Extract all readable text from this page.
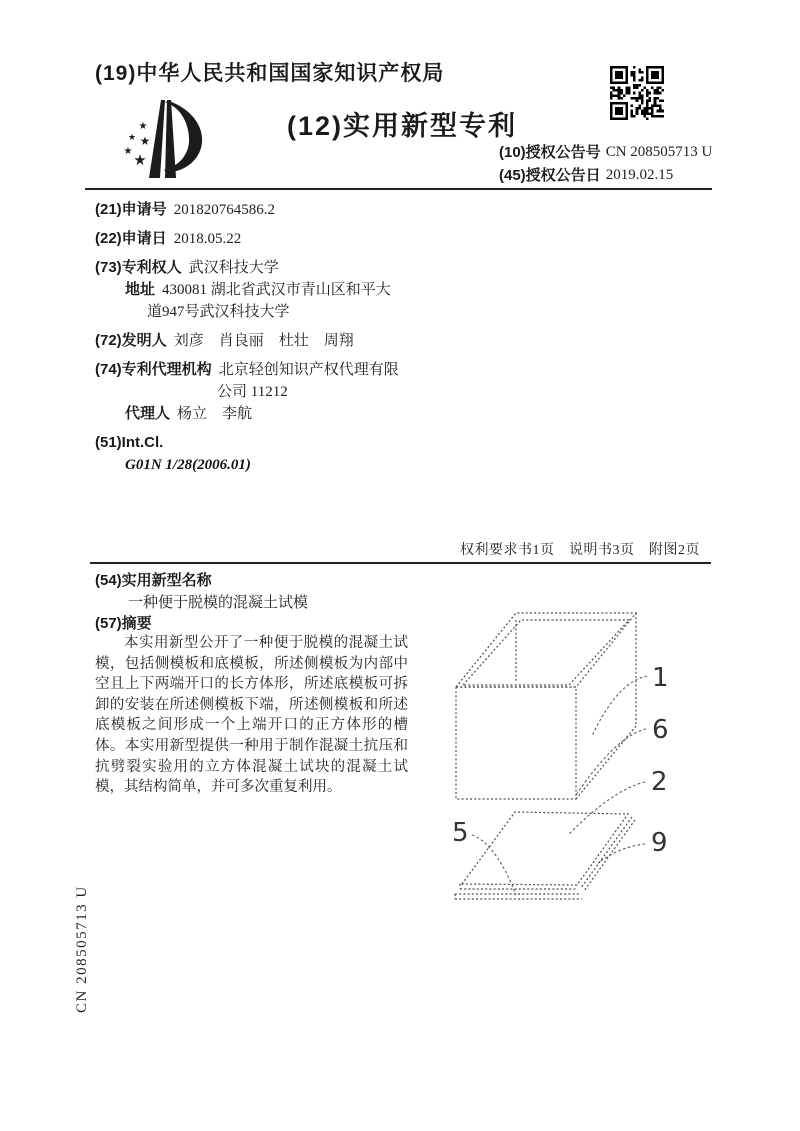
(19)中华人民共和国国家知识产权局
★
★ ★
★
★
(12)实用新型专利
(10)授权公告号 CN 208505713 U
(45)授权公告日 2019.02.15
(21)申请号 201820764586.2
(22)申请日 2018.05.22
(73)专利权人 武汉科技大学
地址 430081 湖北省武汉市青山区和平大
道947号武汉科技大学
(72)发明人 刘彦　肖良丽　杜壮　周翔
(74)专利代理机构 北京轻创知识产权代理有限
公司 11212
代理人 杨立　李航
(51)Int.Cl.
G01N 1/28(2006.01)
权利要求书1页　说明书3页　附图2页
(54)实用新型名称
一种便于脱模的混凝土试模
(57)摘要
本实用新型公开了一种便于脱模的混凝土试模，包括侧模板和底模板，所述侧模板为内部中空且上下两端开口的长方体形，所述底模板可拆卸的安装在所述侧模板下端，所述侧模板和所述底模板之间形成一个上端开口的正方体形的槽体。本实用新型提供一种用于制作混凝土抗压和抗劈裂实验用的立方体混凝土试块的混凝土试模，其结构简单，并可多次重复利用。
1
6
2
5	9
CN 208505713 U
